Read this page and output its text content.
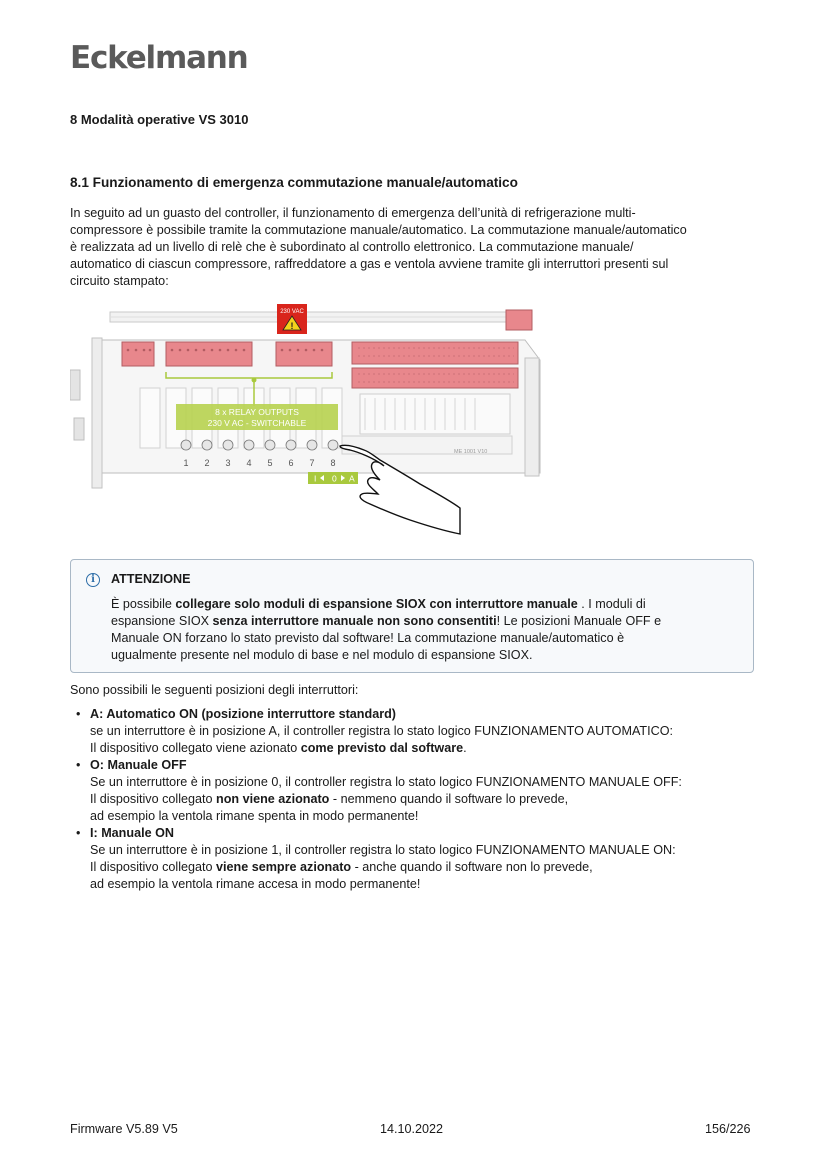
Eckelmann
8 Modalità operative VS 3010
8.1 Funzionamento di emergenza commutazione manuale/automatico
In seguito ad un guasto del controller, il funzionamento di emergenza dell’unità di refrigerazione multi-
compressore è possibile tramite la commutazione manuale/automatico. La commutazione manuale/automatico
è realizzata ad un livello di relè che è subordinato al controllo elettronico. La commutazione manuale/
automatico di ciascun compressore, raffreddatore a gas e ventola avviene tramite gli interruttori presenti sul
circuito stampato:
230 VAC
!
ME 1001 V10
8 x RELAY OUTPUTS
230 V AC - SWITCHABLE
1 2 3 4 5 6 7 8
I 0 A
i	ATTENZIONE
È possibile collegare solo moduli di espansione SIOX con interruttore manuale . I moduli di
espansione SIOX senza interruttore manuale non sono consentiti! Le posizioni Manuale OFF e
Manuale ON forzano lo stato previsto dal software! La commutazione manuale/automatico è
ugualmente presente nel modulo di base e nel modulo di espansione SIOX.
Sono possibili le seguenti posizioni degli interruttori:
• A: Automatico ON (posizione interruttore standard)
se un interruttore è in posizione A, il controller registra lo stato logico FUNZIONAMENTO AUTOMATICO:
Il dispositivo collegato viene azionato come previsto dal software.
• O: Manuale OFF
Se un interruttore è in posizione 0, il controller registra lo stato logico FUNZIONAMENTO MANUALE OFF:
Il dispositivo collegato non viene azionato - nemmeno quando il software lo prevede,
ad esempio la ventola rimane spenta in modo permanente!
• I: Manuale ON
Se un interruttore è in posizione 1, il controller registra lo stato logico FUNZIONAMENTO MANUALE ON:
Il dispositivo collegato viene sempre azionato - anche quando il software non lo prevede,
ad esempio la ventola rimane accesa in modo permanente!
Firmware V5.89 V5	14.10.2022	156/226
